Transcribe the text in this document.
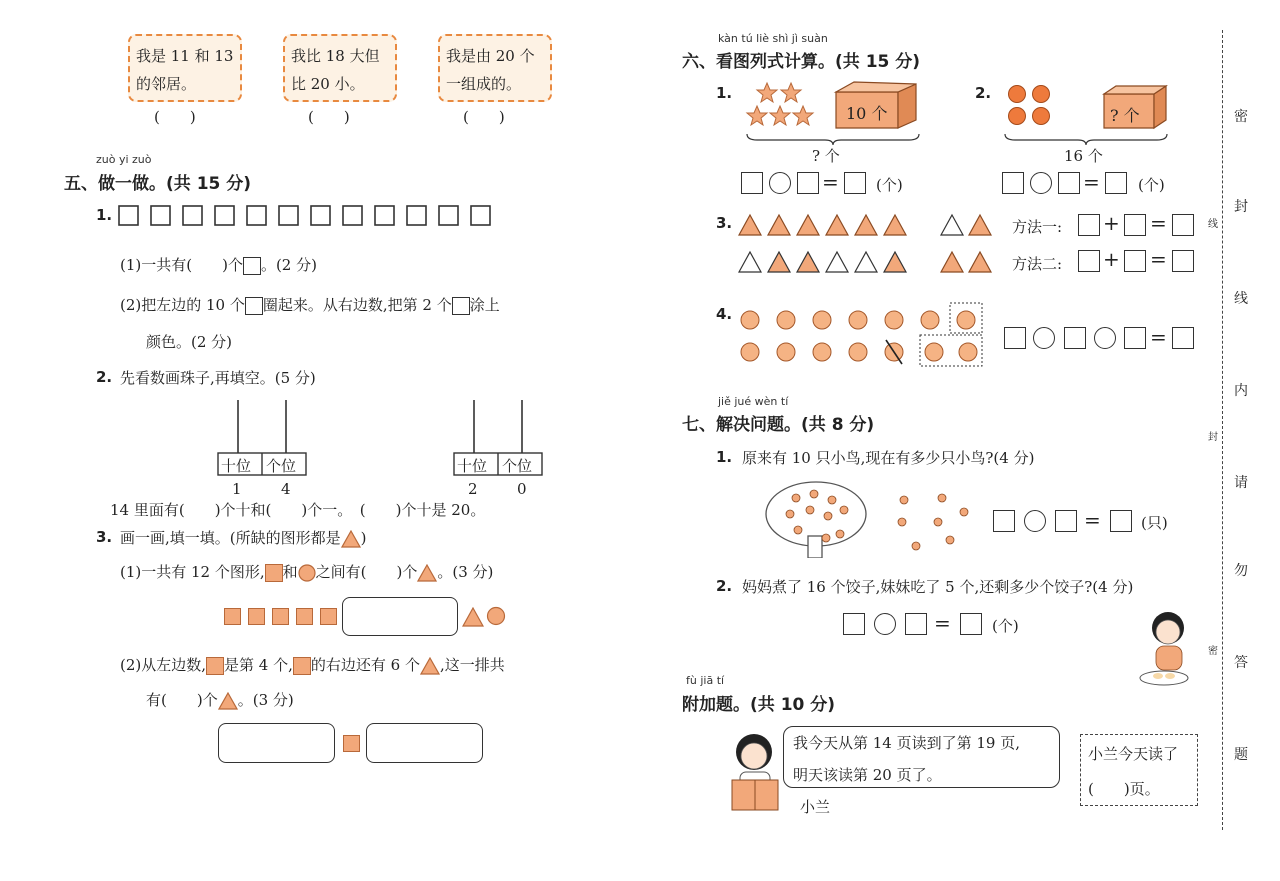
我是 11 和 13
的邻居。
(　　)
我比 18 大但
比 20 小。
(　　)
我是由 20 个
一组成的。
(　　)
zuò yi zuò
五、做一做。(共 15 分)
1.
(1)一共有(　　)个 。(2 分)
(2)把左边的 10 个 圈起来。从右边数,把第 2 个 涂上
颜色。(2 分)
2. 先看数画珠子,再填空。(5 分)
十位 个位
1	4
十位 个位
2	0
14 里面有(　　)个十和(　　)个一。　(　　)个十是 20。
3. 画一画,填一填。(所缺的图形都是 )
(1)一共有 12 个图形, 和 之间有(　　)个 。(3 分)
(2)从左边数, 是第 4 个, 的右边还有 6 个 ,这一排共
有(　　)个 。(3 分)
kàn tú liè shì jì suàn
六、看图列式计算。(共 15 分)
1.
10 个
? 个
= (个)
2.
? 个
16 个
=	(个)
3.	方法一: + =
方法二: + =
4.
=
jiě jué wèn tí
七、解决问题。(共 8 分)
1. 原来有 10 只小鸟,现在有多少只小鸟?(4 分)
=	(只)
2. 妈妈煮了 16 个饺子,妹妹吃了 5 个,还剩多少个饺子?(4 分)
=	(个)
fù jiā tí
附加题。(共 10 分)
我今天从第 14 页读到了第 19 页,
明天该读第 20 页了。
小兰
小兰今天读了
(　　)页。
密
封
线
内
请
勿
答
题
线
封
密
